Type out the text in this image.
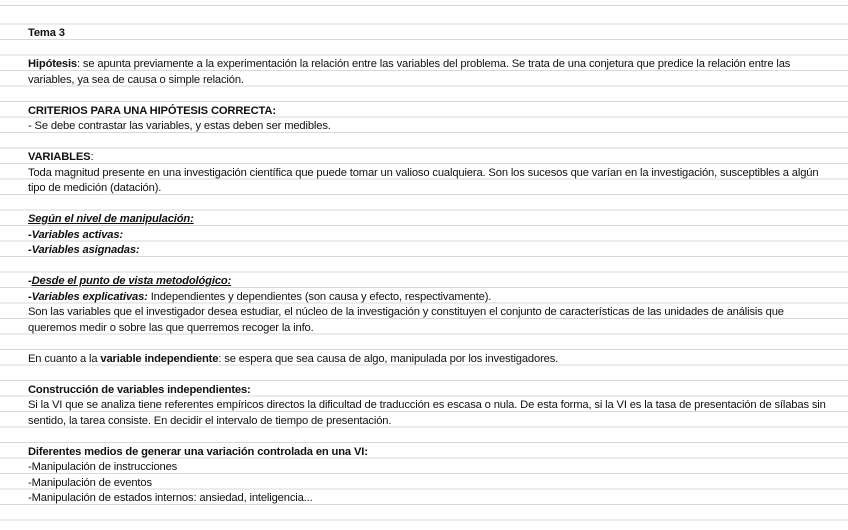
Tema 3

Hipótesis: se apunta previamente a la experimentación la relación entre las variables del problema. Se trata de una conjetura que predice la relación entre las variables, ya sea de causa o simple relación.

CRITERIOS PARA UNA HIPÓTESIS CORRECTA:

- Se debe contrastar las variables, y estas deben ser medibles.

VARIABLES:

Toda magnitud presente en una investigación científica que puede tomar un valioso cualquiera. Son los sucesos que varían en la investigación, susceptibles a algún tipo de medición (datación).

Según el nivel de manipulación:

-Variables activas:

-Variables asignadas:

-Desde el punto de vista metodológico:

-Variables explicativas: Independientes y dependientes (son causa y efecto, respectivamente).

Son las variables que el investigador desea estudiar, el núcleo de la investigación y constituyen el conjunto de características de las unidades de análisis que queremos medir o sobre las que querremos recoger la info.

En cuanto a la variable independiente: se espera que sea causa de algo, manipulada por los investigadores.

Construcción de variables independientes:

Si la VI que se analiza tiene referentes empíricos directos la dificultad de traducción es escasa o nula. De esta forma, si la VI es la tasa de presentación de sílabas sin sentido, la tarea consiste. En decidir el intervalo de tiempo de presentación.

Diferentes medios de generar una variación controlada en una VI:

-Manipulación de instrucciones

-Manipulación de eventos

-Manipulación de estados internos: ansiedad, inteligencia...
